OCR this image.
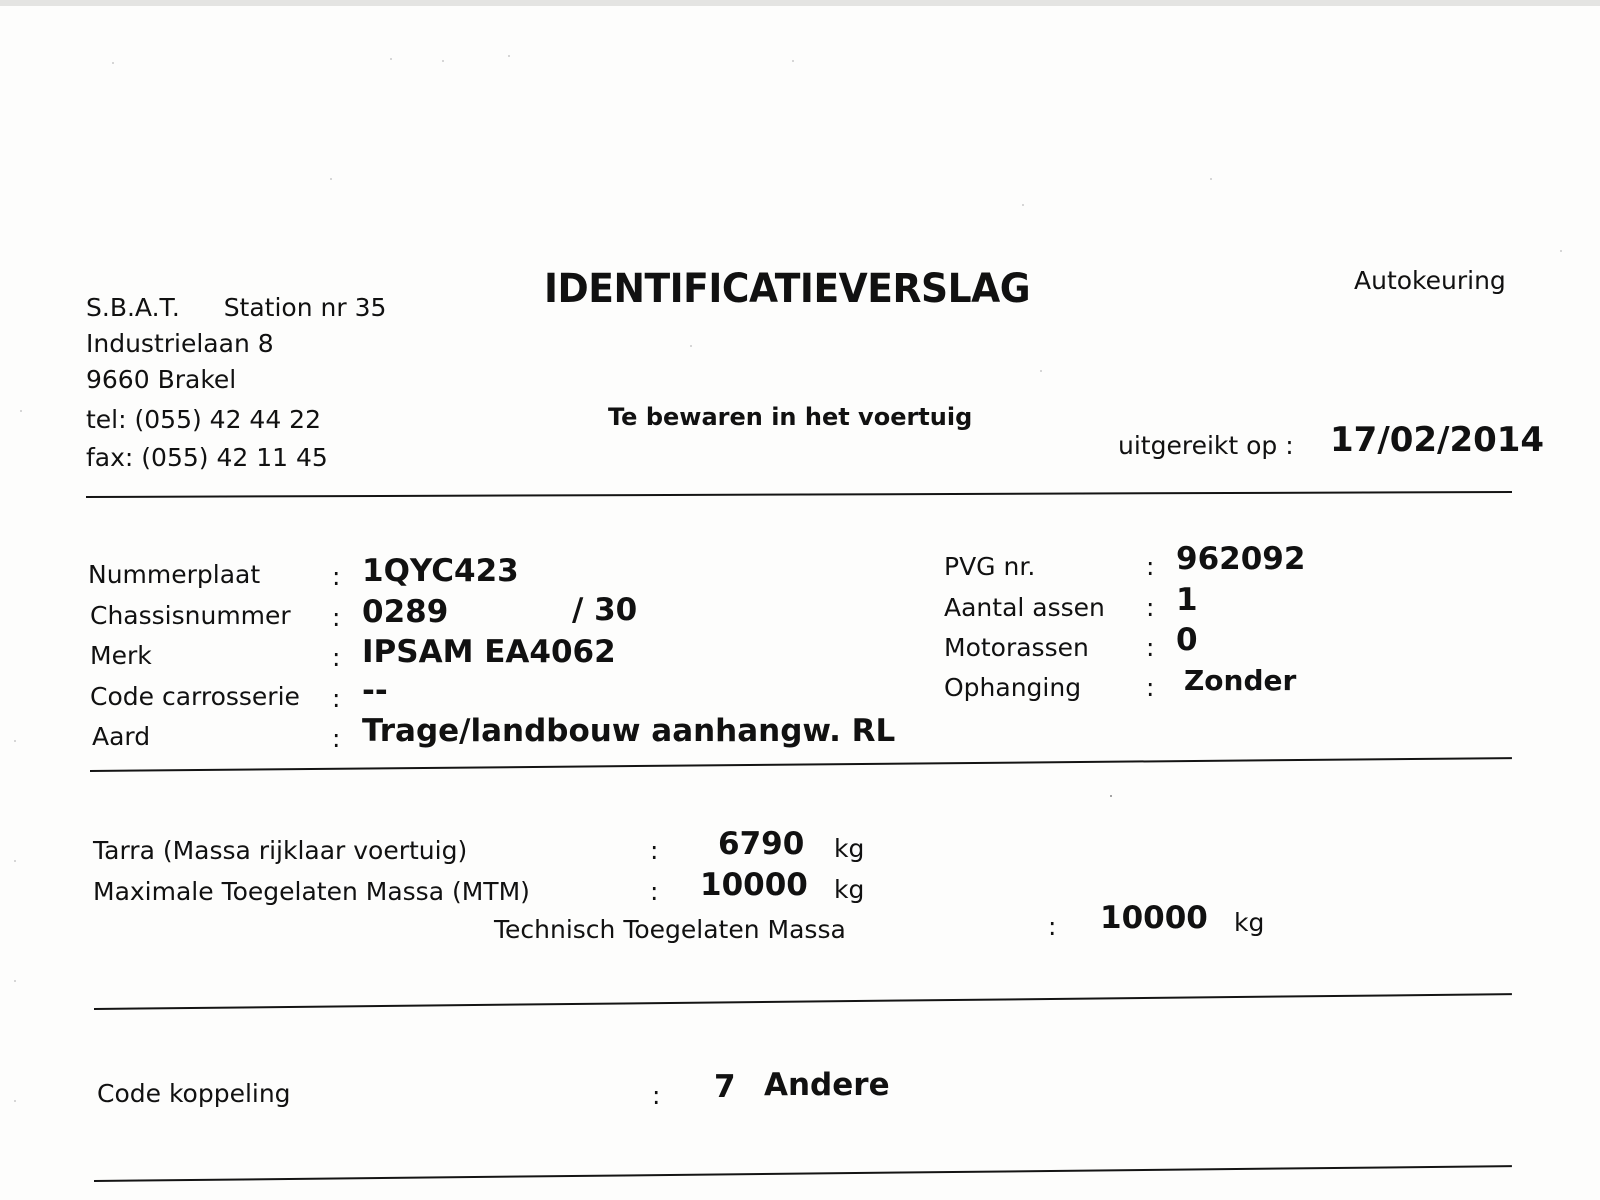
S.B.A.T. Station nr 35
Industrielaan 8
9660 Brakel
tel: (055) 42 44 22
fax: (055) 42 11 45
IDENTIFICATIEVERSLAG
Te bewaren in het voertuig
Autokeuring
uitgereikt op : 17/02/2014
Nummerplaat	: 1QYC423
Chassisnummer : 0289	/ 30
Merk	: IPSAM EA4062
Code carrosserie : --
Aard	: Trage/landbouw aanhangw. RL
PVG nr.	: 962092
Aantal assen : 1
Motorassen : 0
Ophanging	: Zonder
Tarra (Massa rijklaar voertuig)	: 6790 kg
Maximale Toegelaten Massa (MTM)	: 10000 kg
Technisch Toegelaten Massa	: 10000 kg
Code koppeling	: 7 Andere
